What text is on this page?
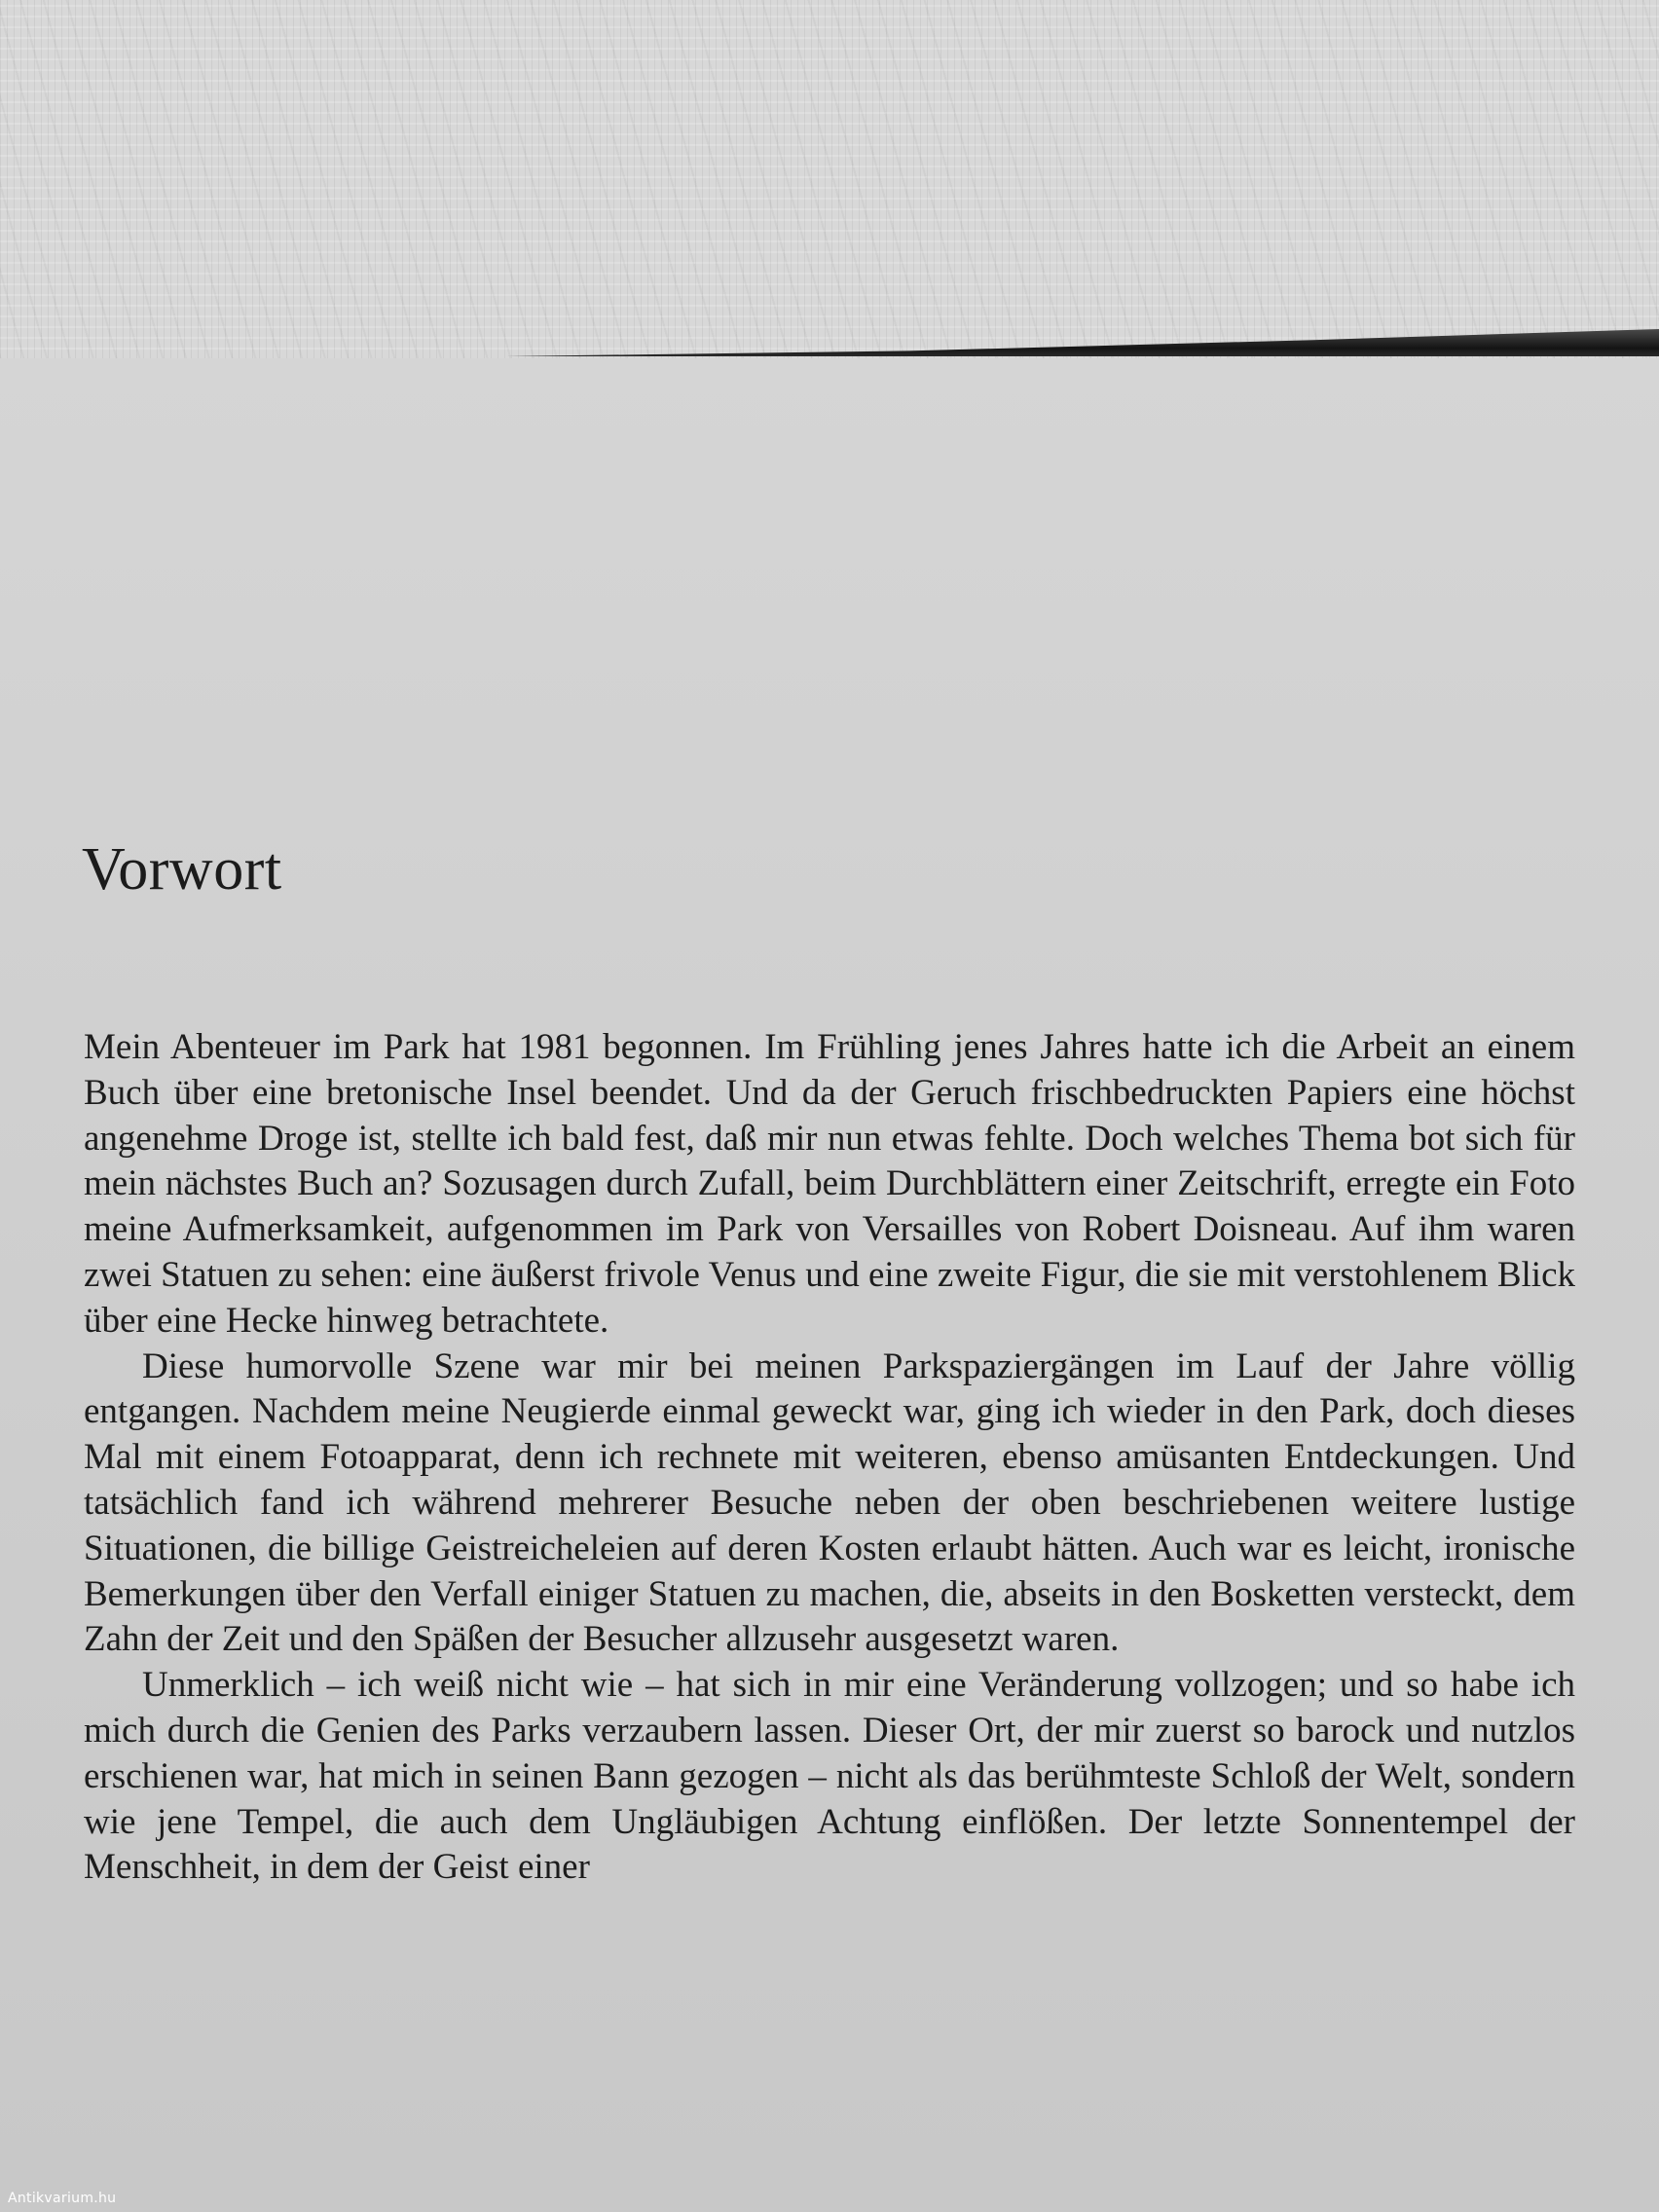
Vorwort

Mein Abenteuer im Park hat 1981 begonnen. Im Frühling jenes Jahres hatte ich die Arbeit an einem Buch über eine bretonische Insel beendet. Und da der Geruch frischbedruckten Papiers eine höchst angenehme Droge ist, stellte ich bald fest, daß mir nun etwas fehlte. Doch welches Thema bot sich für mein nächstes Buch an? Sozusagen durch Zufall, beim Durchblättern einer Zeitschrift, erregte ein Foto meine Aufmerksamkeit, aufgenommen im Park von Versailles von Robert Doisneau. Auf ihm waren zwei Statuen zu sehen: eine äußerst frivole Venus und eine zweite Figur, die sie mit verstohlenem Blick über eine Hecke hinweg betrachtete.

Diese humorvolle Szene war mir bei meinen Parkspaziergängen im Lauf der Jahre völlig entgangen. Nachdem meine Neugierde einmal geweckt war, ging ich wieder in den Park, doch dieses Mal mit einem Fotoapparat, denn ich rechnete mit weiteren, ebenso amüsanten Entdeckungen. Und tatsächlich fand ich während mehrerer Besuche neben der oben beschriebenen weitere lustige Situationen, die billige Geistreicheleien auf deren Kosten erlaubt hätten. Auch war es leicht, ironische Bemerkungen über den Verfall einiger Statuen zu machen, die, abseits in den Bosketten versteckt, dem Zahn der Zeit und den Späßen der Besucher allzusehr ausgesetzt waren.

Unmerklich – ich weiß nicht wie – hat sich in mir eine Veränderung vollzogen; und so habe ich mich durch die Genien des Parks verzaubern lassen. Dieser Ort, der mir zuerst so barock und nutzlos erschienen war, hat mich in seinen Bann gezogen – nicht als das berühmteste Schloß der Welt, sondern wie jene Tempel, die auch dem Ungläubigen Achtung einflößen. Der letzte Sonnentempel der Menschheit, in dem der Geist einer

Antikvarium.hu
